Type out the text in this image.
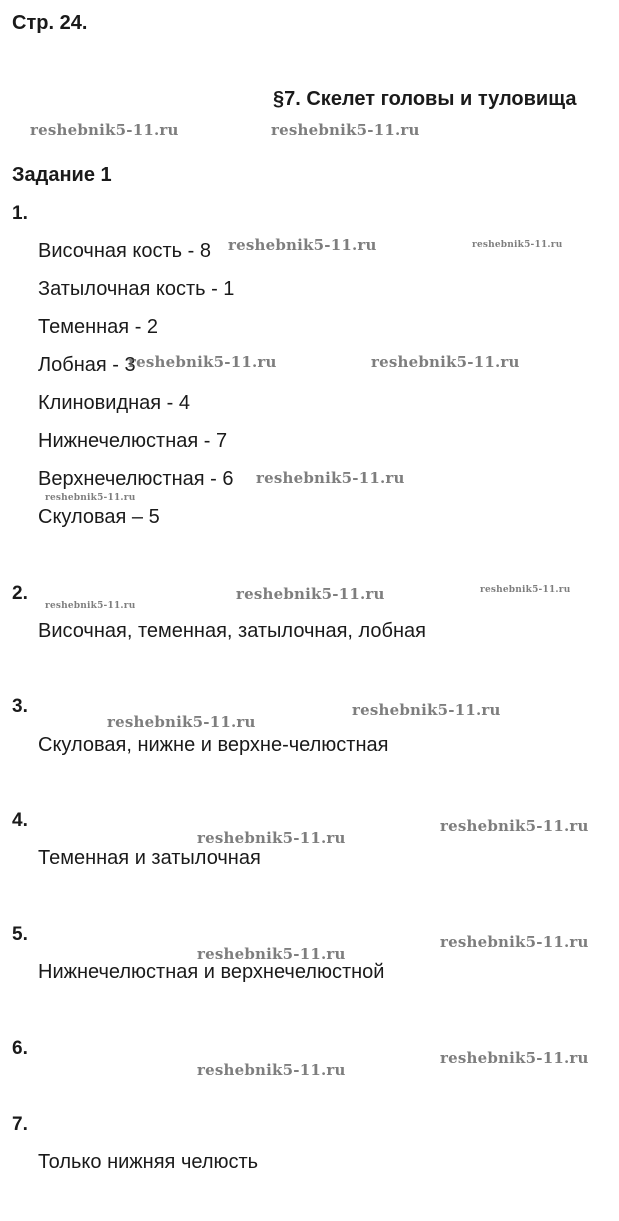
Стр. 24.
§7. Скелет головы и туловища
Задание 1
1.
Височная кость - 8
Затылочная кость - 1
Теменная - 2
Лобная - 3
Клиновидная - 4
Нижнечелюстная - 7
Верхнечелюстная - 6
Скуловая – 5
2.
Височная, теменная, затылочная, лобная
3.
Скуловая, нижне и верхне-челюстная
4.
Теменная и затылочная
5.
Нижнечелюстная и верхнечелюстной
6.
7.
Только нижняя челюсть
reshebnik5-11.ru	reshebnik5-11.ru
reshebnik5-11.ru	reshebnik5-11.ru
reshebnik5-11.ru	reshebnik5-11.ru
reshebnik5-11.ru
reshebnik5-11.ru
reshebnik5-11.ru	reshebnik5-11.ru
reshebnik5-11.ru
reshebnik5-11.ru
reshebnik5-11.ru
reshebnik5-11.ru
reshebnik5-11.ru
reshebnik5-11.ru
reshebnik5-11.ru
reshebnik5-11.ru
reshebnik5-11.ru
